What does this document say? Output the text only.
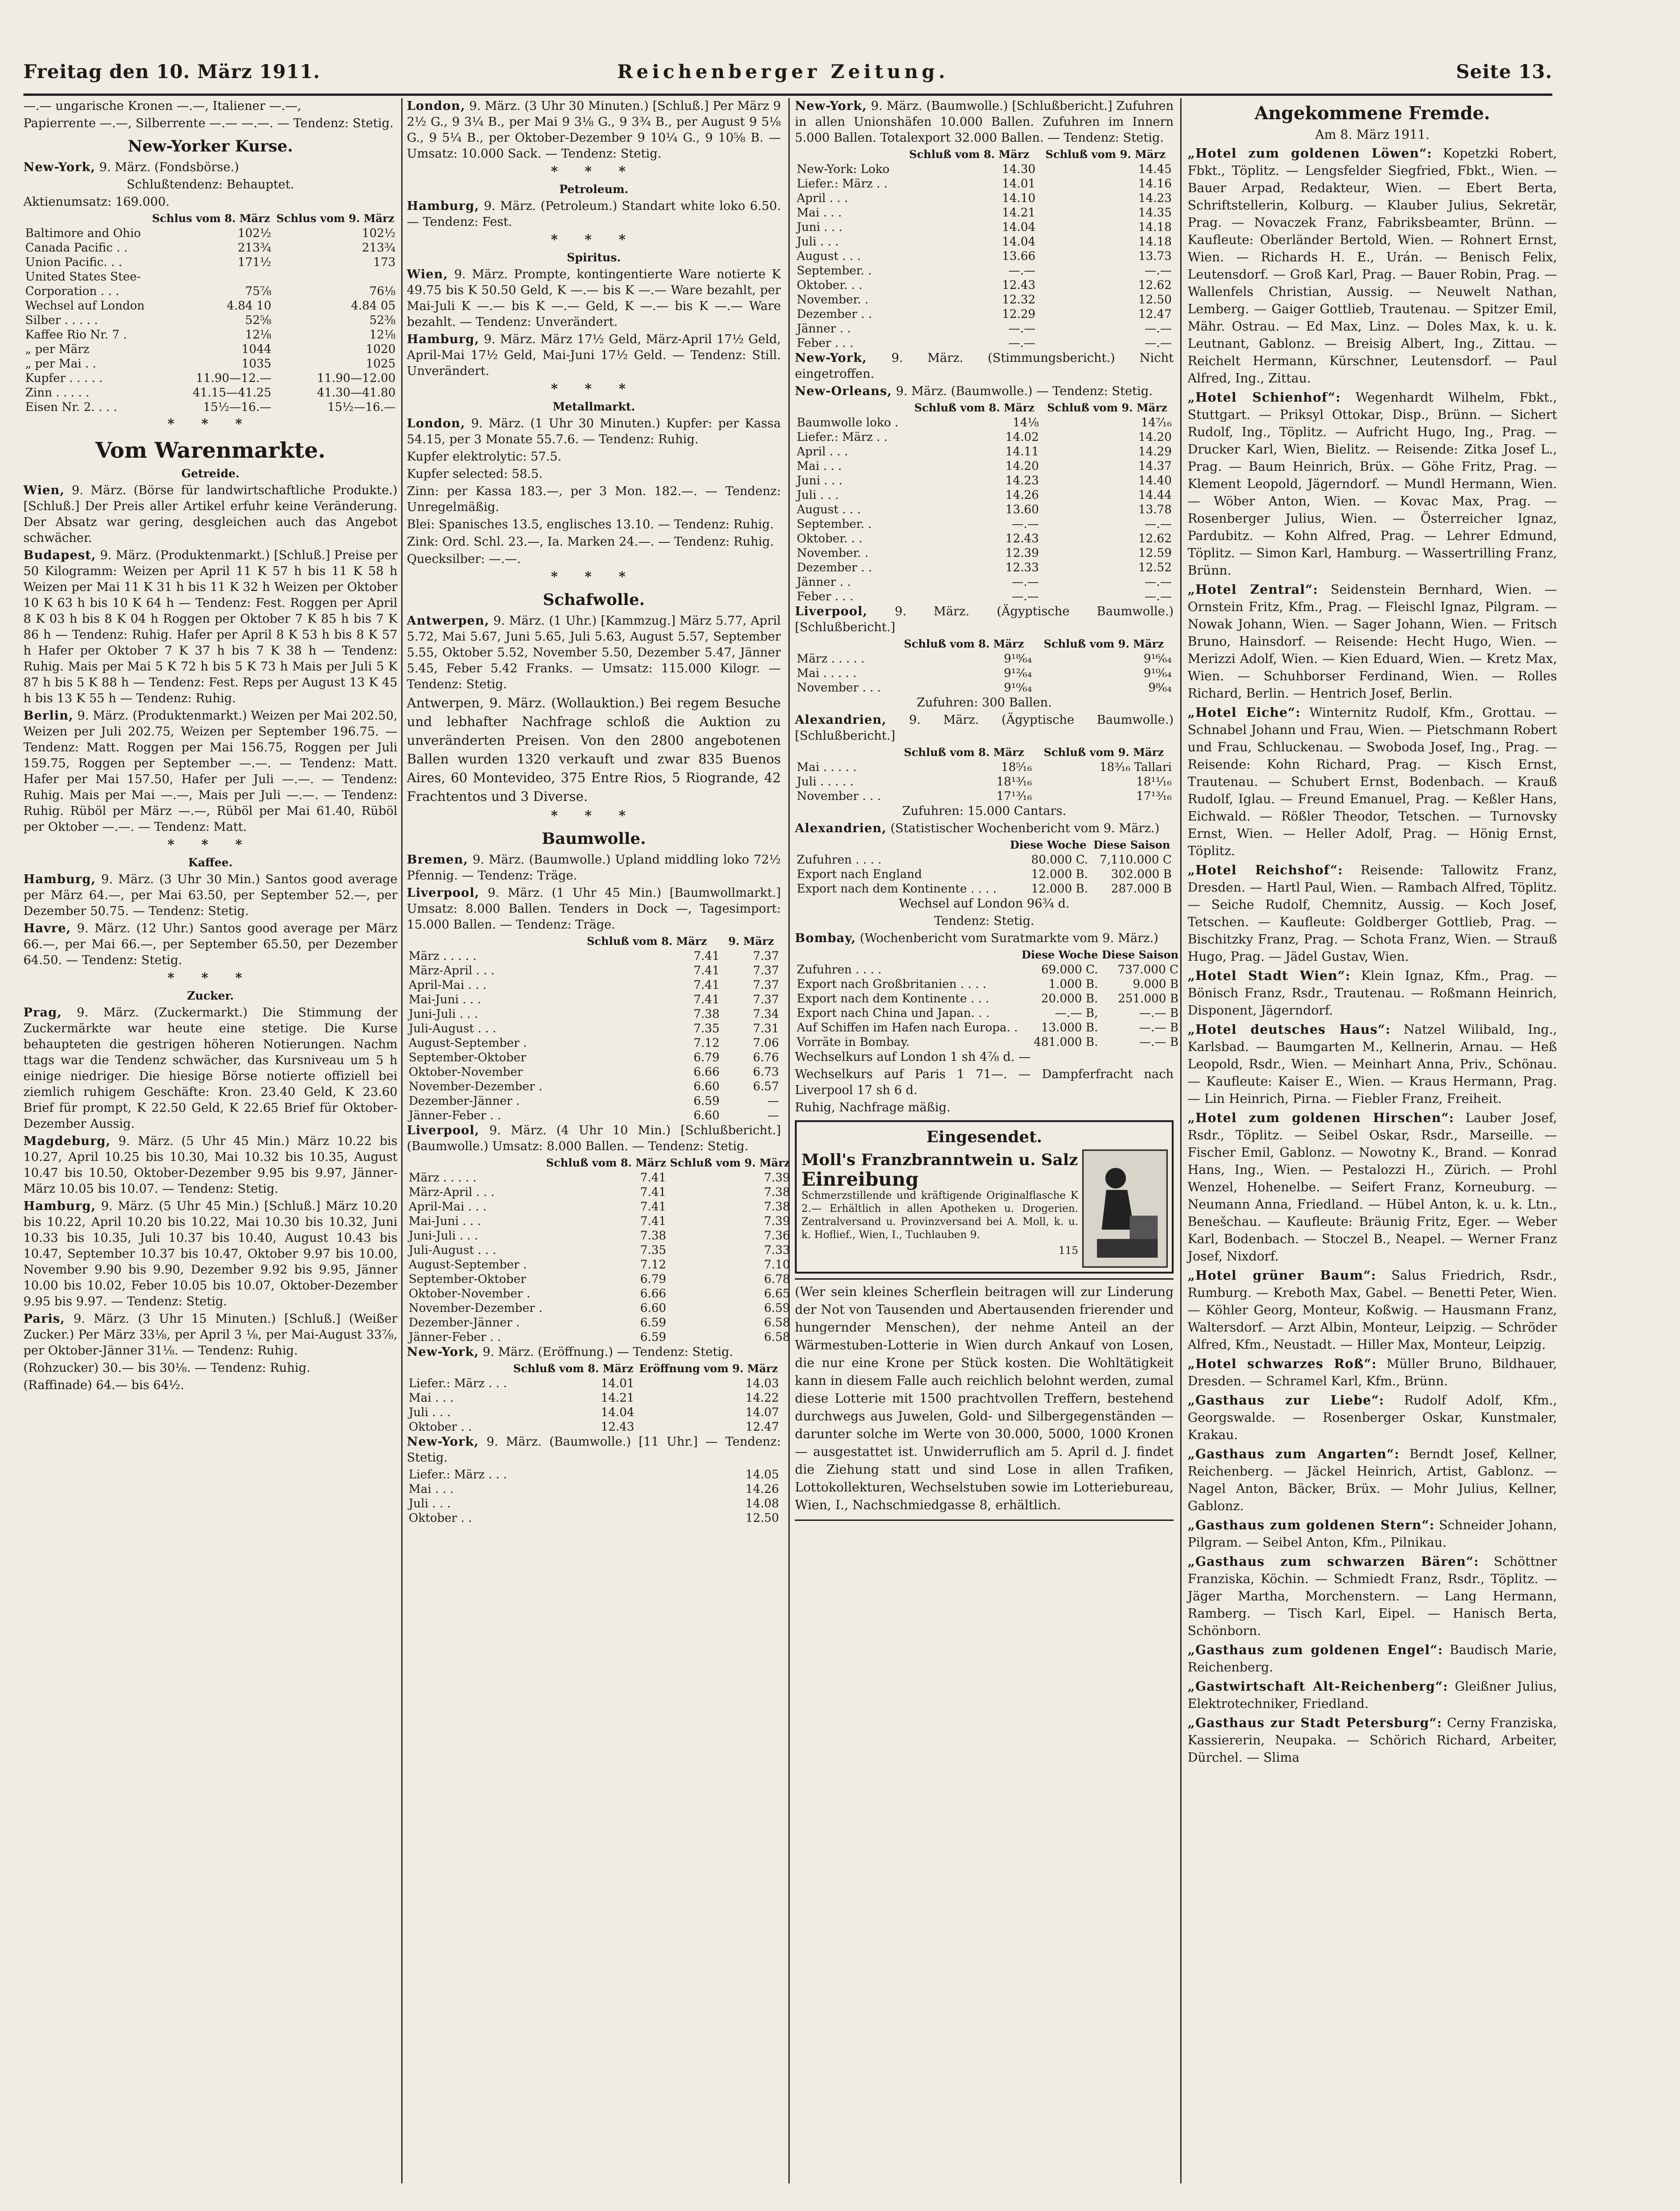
Freitag den 10. März 1911.	Reichenberger Zeitung.	Seite 13.

—.— ungarische Kronen —.—, Italiener —.—,

Papierrente —.—, Silberrente —.— —.—. — Tendenz: Stetig.

New-Yorker Kurse.

New-York, 9. März. (Fondsbörse.)

Schlußtendenz: Behauptet.

Aktienumsatz: 169.000.

	Schlus vom 8. März	Schlus vom 9. März
Baltimore and Ohio	102½	102½
Canada Pacific . .	213¾	213¾
Union Pacific. . .	171½	173
United States Stee-		
Corporation . . .	75⅞	76⅛
Wechsel auf London	4.84 10	4.84 05
Silber . . . . .	52⅝	52⅜
Kaffee Rio Nr. 7 .	12⅛	12⅛
„ per März	1044	1020
„ per Mai . .	1035	1025
Kupfer . . . . .	11.90—12.—	11.90—12.00
Zinn . . . . .	41.15—41.25	41.30—41.80
Eisen Nr. 2. . . .	15½—16.—	15½—16.—
* * *
Vom Warenmarkte.
Getreide.

Wien, 9. März. (Börse für landwirtschaftliche Produkte.) [Schluß.] Der Preis aller Artikel erfuhr keine Veränderung. Der Absatz war gering, desgleichen auch das Angebot schwächer.

Budapest, 9. März. (Produktenmarkt.) [Schluß.] Preise per 50 Kilogramm: Weizen per April 11 K 57 h bis 11 K 58 h Weizen per Mai 11 K 31 h bis 11 K 32 h Weizen per Oktober 10 K 63 h bis 10 K 64 h — Tendenz: Fest. Roggen per April 8 K 03 h bis 8 K 04 h Roggen per Oktober 7 K 85 h bis 7 K 86 h — Tendenz: Ruhig. Hafer per April 8 K 53 h bis 8 K 57 h Hafer per Oktober 7 K 37 h bis 7 K 38 h — Tendenz: Ruhig. Mais per Mai 5 K 72 h bis 5 K 73 h Mais per Juli 5 K 87 h bis 5 K 88 h — Tendenz: Fest. Reps per August 13 K 45 h bis 13 K 55 h — Tendenz: Ruhig.

Berlin, 9. März. (Produktenmarkt.) Weizen per Mai 202.50, Weizen per Juli 202.75, Weizen per September 196.75. — Tendenz: Matt. Roggen per Mai 156.75, Roggen per Juli 159.75, Roggen per September —.—. — Tendenz: Matt. Hafer per Mai 157.50, Hafer per Juli —.—. — Tendenz: Ruhig. Mais per Mai —.—, Mais per Juli —.—. — Tendenz: Ruhig. Rüböl per März —.—, Rüböl per Mai 61.40, Rüböl per Oktober —.—. — Tendenz: Matt.

* * *
Kaffee.

Hamburg, 9. März. (3 Uhr 30 Min.) Santos good average per März 64.—, per Mai 63.50, per September 52.—, per Dezember 50.75. — Tendenz: Stetig.

Havre, 9. März. (12 Uhr.) Santos good average per März 66.—, per Mai 66.—, per September 65.50, per Dezember 64.50. — Tendenz: Stetig.

* * *
Zucker.

Prag, 9. März. (Zuckermarkt.) Die Stimmung der Zuckermärkte war heute eine stetige. Die Kurse behaupteten die gestrigen höheren Notierungen. Nachm ttags war die Tendenz schwächer, das Kursniveau um 5 h einige niedriger. Die hiesige Börse notierte offiziell bei ziemlich ruhigem Geschäfte: Kron. 23.40 Geld, K 23.60 Brief für prompt, K 22.50 Geld, K 22.65 Brief für Oktober-Dezember Aussig.

Magdeburg, 9. März. (5 Uhr 45 Min.) März 10.22 bis 10.27, April 10.25 bis 10.30, Mai 10.32 bis 10.35, August 10.47 bis 10.50, Oktober-Dezember 9.95 bis 9.97, Jänner-März 10.05 bis 10.07. — Tendenz: Stetig.

Hamburg, 9. März. (5 Uhr 45 Min.) [Schluß.] März 10.20 bis 10.22, April 10.20 bis 10.22, Mai 10.30 bis 10.32, Juni 10.33 bis 10.35, Juli 10.37 bis 10.40, August 10.43 bis 10.47, September 10.37 bis 10.47, Oktober 9.97 bis 10.00, November 9.90 bis 9.90, Dezember 9.92 bis 9.95, Jänner 10.00 bis 10.02, Feber 10.05 bis 10.07, Oktober-Dezember 9.95 bis 9.97. — Tendenz: Stetig.

Paris, 9. März. (3 Uhr 15 Minuten.) [Schluß.] (Weißer Zucker.) Per März 33⅛, per April 3 ⅛, per Mai-August 33⅞, per Oktober-Jänner 31⅛. — Tendenz: Ruhig.

(Rohzucker) 30.— bis 30⅛. — Tendenz: Ruhig.

(Raffinade) 64.— bis 64½.

London, 9. März. (3 Uhr 30 Minuten.) [Schluß.] Per März 9 2½ G., 9 3¼ B., per Mai 9 3⅛ G., 9 3¾ B., per August 9 5⅛ G., 9 5¼ B., per Oktober-Dezember 9 10¼ G., 9 10⅝ B. — Umsatz: 10.000 Sack. — Tendenz: Stetig.

* * *
Petroleum.

Hamburg, 9. März. (Petroleum.) Standart white loko 6.50. — Tendenz: Fest.

* * *
Spiritus.

Wien, 9. März. Prompte, kontingentierte Ware notierte K 49.75 bis K 50.50 Geld, K —.— bis K —.— Ware bezahlt, per Mai-Juli K —.— bis K —.— Geld, K —.— bis K —.— Ware bezahlt. — Tendenz: Unverändert.

Hamburg, 9. März. März 17½ Geld, März-April 17½ Geld, April-Mai 17½ Geld, Mai-Juni 17½ Geld. — Tendenz: Still. Unverändert.

* * *
Metallmarkt.

London, 9. März. (1 Uhr 30 Minuten.) Kupfer: per Kassa 54.15, per 3 Monate 55.7.6. — Tendenz: Ruhig.

Kupfer elektrolytic: 57.5.

Kupfer selected: 58.5.

Zinn: per Kassa 183.—, per 3 Mon. 182.—. — Tendenz: Unregelmäßig.

Blei: Spanisches 13.5, englisches 13.10. — Tendenz: Ruhig.

Zink: Ord. Schl. 23.—, Ia. Marken 24.—. — Tendenz: Ruhig.

Quecksilber: —.—.

* * *
Schafwolle.

Antwerpen, 9. März. (1 Uhr.) [Kammzug.] März 5.77, April 5.72, Mai 5.67, Juni 5.65, Juli 5.63, August 5.57, September 5.55, Oktober 5.52, November 5.50, Dezember 5.47, Jänner 5.45, Feber 5.42 Franks. — Umsatz: 115.000 Kilogr. — Tendenz: Stetig.

Antwerpen, 9. März. (Wollauktion.) Bei regem Besuche und lebhafter Nachfrage schloß die Auktion zu unveränderten Preisen. Von den 2800 angebotenen Ballen wurden 1320 verkauft und zwar 835 Buenos Aires, 60 Montevideo, 375 Entre Rios, 5 Riogrande, 42 Frachtentos und 3 Diverse.

* * *
Baumwolle.

Bremen, 9. März. (Baumwolle.) Upland middling loko 72½ Pfennig. — Tendenz: Träge.

Liverpool, 9. März. (1 Uhr 45 Min.) [Baumwollmarkt.] Umsatz: 8.000 Ballen. Tenders in Dock —, Tagesimport: 15.000 Ballen. — Tendenz: Träge.

	Schluß vom 8. März	9. März
März . . . . .	7.41	7.37
März-April . . .	7.41	7.37
April-Mai . . .	7.41	7.37
Mai-Juni . . .	7.41	7.37
Juni-Juli . . .	7.38	7.34
Juli-August . . .	7.35	7.31
August-September .	7.12	7.06
September-Oktober	6.79	6.76
Oktober-November	6.66	6.73
November-Dezember .	6.60	6.57
Dezember-Jänner .	6.59	—
Jänner-Feber . .	6.60	—

Liverpool, 9. März. (4 Uhr 10 Min.) [Schlußbericht.] (Baumwolle.) Umsatz: 8.000 Ballen. — Tendenz: Stetig.

	Schluß vom 8. März	Schluß vom 9. März
März . . . . .	7.41	7.39
März-April . . .	7.41	7.38
April-Mai . . .	7.41	7.38
Mai-Juni . . .	7.41	7.39
Juni-Juli . . .	7.38	7.36
Juli-August . . .	7.35	7.33
August-September .	7.12	7.10
September-Oktober	6.79	6.78
Oktober-November .	6.66	6.65
November-Dezember .	6.60	6.59
Dezember-Jänner .	6.59	6.58
Jänner-Feber . .	6.59	6.58

New-York, 9. März. (Eröffnung.) — Tendenz: Stetig.

	Schluß vom 8. März	Eröffnung vom 9. März
Liefer.: März . . .	14.01	14.03
Mai . . .	14.21	14.22
Juli . . .	14.04	14.07
Oktober . .	12.43	12.47

New-York, 9. März. (Baumwolle.) [11 Uhr.] — Tendenz: Stetig.

Liefer.: März . . .	14.05
Mai . . .	14.26
Juli . . .	14.08
Oktober . .	12.50

New-York, 9. März. (Baumwolle.) [Schlußbericht.] Zufuhren in allen Unionshäfen 10.000 Ballen. Zufuhren im Innern 5.000 Ballen. Totalexport 32.000 Ballen. — Tendenz: Stetig.

	Schluß vom 8. März	Schluß vom 9. März
New-York: Loko	14.30	14.45
Liefer.: März . .	14.01	14.16
April . . .	14.10	14.23
Mai . . .	14.21	14.35
Juni . . .	14.04	14.18
Juli . . .	14.04	14.18
August . . .	13.66	13.73
September. .	—.—	—.—
Oktober. . .	12.43	12.62
November. .	12.32	12.50
Dezember . .	12.29	12.47
Jänner . .	—.—	—.—
Feber . . .	—.—	—.—

New-York, 9. März. (Stimmungsbericht.) Nicht eingetroffen.

New-Orleans, 9. März. (Baumwolle.) — Tendenz: Stetig.

	Schluß vom 8. März	Schluß vom 9. März
Baumwolle loko .	14⅛	14⁷⁄₁₆
Liefer.: März . .	14.02	14.20
April . . .	14.11	14.29
Mai . . .	14.20	14.37
Juni . . .	14.23	14.40
Juli . . .	14.26	14.44
August . . .	13.60	13.78
September. .	—.—	—.—
Oktober. . .	12.43	12.62
November. .	12.39	12.59
Dezember . .	12.33	12.52
Jänner . .	—.—	—.—
Feber . . .	—.—	—.—

Liverpool, 9. März. (Ägyptische Baumwolle.) [Schlußbericht.]

	Schluß vom 8. März	Schluß vom 9. März
März . . . . .	9¹⁸⁄₆₄	9¹⁶⁄₆₄
Mai . . . . .	9¹²⁄₆₄	9¹⁰⁄₆₄
November . . .	9¹⁰⁄₆₄	9⁸⁄₆₄

Zufuhren: 300 Ballen.

Alexandrien, 9. März. (Ägyptische Baumwolle.) [Schlußbericht.]

	Schluß vom 8. März	Schluß vom 9. März
Mai . . . . .	18⁵⁄₁₆	18³⁄₁₆ Tallari
Juli . . . . .	18¹³⁄₁₆	18¹¹⁄₁₆
November . . .	17¹³⁄₁₆	17¹³⁄₁₆

Zufuhren: 15.000 Cantars.

Alexandrien, (Statistischer Wochenbericht vom 9. März.)

	Diese Woche	Diese Saison
Zufuhren . . . .	80.000 C.	7,110.000 C
Export nach England	12.000 B.	302.000 B
Export nach dem Kontinente . . . .	12.000 B.	287.000 B

Wechsel auf London 96¾ d.

Tendenz: Stetig.

Bombay, (Wochenbericht vom Suratmarkte vom 9. März.)

	Diese Woche	Diese Saison
Zufuhren . . . .	69.000 C.	737.000 C
Export nach Großbritanien . . . .	1.000 B.	9.000 B
Export nach dem Kontinente . . .	20.000 B.	251.000 B
Export nach China und Japan. . .	—.— B,	—.— B
Auf Schiffen im Hafen nach Europa. .	13.000 B.	—.— B
Vorräte in Bombay.	481.000 B.	—.— B

Wechselkurs auf London 1 sh 4⅞ d. —

Wechselkurs auf Paris 1 71—. — Dampferfracht nach Liverpool 17 sh 6 d.

Ruhig, Nachfrage mäßig.

Eingesendet.
Moll's Franzbranntwein u. Salz
Einreibung

Schmerzstillende und kräftigende Originalflasche K 2.— Erhältlich in allen Apotheken u. Drogerien. Zentralversand u. Provinzversand bei A. Moll, k. u. k. Hoflief., Wien, I., Tuchlauben 9.

115

(Wer sein kleines Scherflein beitragen will zur Linderung der Not von Tausenden und Abertausenden frierender und hungernder Menschen), der nehme Anteil an der Wärmestuben-Lotterie in Wien durch Ankauf von Losen, die nur eine Krone per Stück kosten. Die Wohltätigkeit kann in diesem Falle auch reichlich belohnt werden, zumal diese Lotterie mit 1500 prachtvollen Treffern, bestehend durchwegs aus Juwelen, Gold- und Silbergegenständen — darunter solche im Werte von 30.000, 5000, 1000 Kronen — ausgestattet ist. Unwiderruflich am 5. April d. J. findet die Ziehung statt und sind Lose in allen Trafiken, Lottokollekturen, Wechselstuben sowie im Lotteriebureau, Wien, I., Nachschmiedgasse 8, erhältlich.

Angekommene Fremde.

Am 8. März 1911.

„Hotel zum goldenen Löwen“: Kopetzki Robert, Fbkt., Töplitz. — Lengsfelder Siegfried, Fbkt., Wien. — Bauer Arpad, Redakteur, Wien. — Ebert Berta, Schriftstellerin, Kolburg. — Klauber Julius, Sekretär, Prag. — Novaczek Franz, Fabriksbeamter, Brünn. — Kaufleute: Oberländer Bertold, Wien. — Rohnert Ernst, Wien. — Richards H. E., Urán. — Benisch Felix, Leutensdorf. — Groß Karl, Prag. — Bauer Robin, Prag. — Wallenfels Christian, Aussig. — Neuwelt Nathan, Lemberg. — Gaiger Gottlieb, Trautenau. — Spitzer Emil, Mähr. Ostrau. — Ed Max, Linz. — Doles Max, k. u. k. Leutnant, Gablonz. — Breisig Albert, Ing., Zittau. — Reichelt Hermann, Kürschner, Leutensdorf. — Paul Alfred, Ing., Zittau.

„Hotel Schienhof“: Wegenhardt Wilhelm, Fbkt., Stuttgart. — Priksyl Ottokar, Disp., Brünn. — Sichert Rudolf, Ing., Töplitz. — Aufricht Hugo, Ing., Prag. — Drucker Karl, Wien, Bielitz. — Reisende: Zitka Josef L., Prag. — Baum Heinrich, Brüx. — Göhe Fritz, Prag. — Klement Leopold, Jägerndorf. — Mundl Hermann, Wien. — Wöber Anton, Wien. — Kovac Max, Prag. — Rosenberger Julius, Wien. — Österreicher Ignaz, Pardubitz. — Kohn Alfred, Prag. — Lehrer Edmund, Töplitz. — Simon Karl, Hamburg. — Wassertrilling Franz, Brünn.

„Hotel Zentral“: Seidenstein Bernhard, Wien. — Ornstein Fritz, Kfm., Prag. — Fleischl Ignaz, Pilgram. — Nowak Johann, Wien. — Sager Johann, Wien. — Fritsch Bruno, Hainsdorf. — Reisende: Hecht Hugo, Wien. — Merizzi Adolf, Wien. — Kien Eduard, Wien. — Kretz Max, Wien. — Schuhborser Ferdinand, Wien. — Rolles Richard, Berlin. — Hentrich Josef, Berlin.

„Hotel Eiche“: Winternitz Rudolf, Kfm., Grottau. — Schnabel Johann und Frau, Wien. — Pietschmann Robert und Frau, Schluckenau. — Swoboda Josef, Ing., Prag. — Reisende: Kohn Richard, Prag. — Kisch Ernst, Trautenau. — Schubert Ernst, Bodenbach. — Krauß Rudolf, Iglau. — Freund Emanuel, Prag. — Keßler Hans, Eichwald. — Rößler Theodor, Tetschen. — Turnovsky Ernst, Wien. — Heller Adolf, Prag. — Hönig Ernst, Töplitz.

„Hotel Reichshof“: Reisende: Tallowitz Franz, Dresden. — Hartl Paul, Wien. — Rambach Alfred, Töplitz. — Seiche Rudolf, Chemnitz, Aussig. — Koch Josef, Tetschen. — Kaufleute: Goldberger Gottlieb, Prag. — Bischitzky Franz, Prag. — Schota Franz, Wien. — Strauß Hugo, Prag. — Jädel Gustav, Wien.

„Hotel Stadt Wien“: Klein Ignaz, Kfm., Prag. — Bönisch Franz, Rsdr., Trautenau. — Roßmann Heinrich, Disponent, Jägerndorf.

„Hotel deutsches Haus“: Natzel Wilibald, Ing., Karlsbad. — Baumgarten M., Kellnerin, Arnau. — Heß Leopold, Rsdr., Wien. — Meinhart Anna, Priv., Schönau. — Kaufleute: Kaiser E., Wien. — Kraus Hermann, Prag. — Lin Heinrich, Pirna. — Fiebler Franz, Freiheit.

„Hotel zum goldenen Hirschen“: Lauber Josef, Rsdr., Töplitz. — Seibel Oskar, Rsdr., Marseille. — Fischer Emil, Gablonz. — Nowotny K., Brand. — Konrad Hans, Ing., Wien. — Pestalozzi H., Zürich. — Prohl Wenzel, Hohenelbe. — Seifert Franz, Korneuburg. — Neumann Anna, Friedland. — Hübel Anton, k. u. k. Ltn., Benešchau. — Kaufleute: Bräunig Fritz, Eger. — Weber Karl, Bodenbach. — Stoczel B., Neapel. — Werner Franz Josef, Nixdorf.

„Hotel grüner Baum“: Salus Friedrich, Rsdr., Rumburg. — Kreboth Max, Gabel. — Benetti Peter, Wien. — Köhler Georg, Monteur, Koßwig. — Hausmann Franz, Waltersdorf. — Arzt Albin, Monteur, Leipzig. — Schröder Alfred, Kfm., Neustadt. — Hiller Max, Monteur, Leipzig.

„Hotel schwarzes Roß“: Müller Bruno, Bildhauer, Dresden. — Schramel Karl, Kfm., Brünn.

„Gasthaus zur Liebe“: Rudolf Adolf, Kfm., Georgswalde. — Rosenberger Oskar, Kunstmaler, Krakau.

„Gasthaus zum Angarten“: Berndt Josef, Kellner, Reichenberg. — Jäckel Heinrich, Artist, Gablonz. — Nagel Anton, Bäcker, Brüx. — Mohr Julius, Kellner, Gablonz.

„Gasthaus zum goldenen Stern“: Schneider Johann, Pilgram. — Seibel Anton, Kfm., Pilnikau.

„Gasthaus zum schwarzen Bären“: Schöttner Franziska, Köchin. — Schmiedt Franz, Rsdr., Töplitz. — Jäger Martha, Morchenstern. — Lang Hermann, Ramberg. — Tisch Karl, Eipel. — Hanisch Berta, Schönborn.

„Gasthaus zum goldenen Engel“: Baudisch Marie, Reichenberg.

„Gastwirtschaft Alt-Reichenberg“: Gleißner Julius, Elektrotechniker, Friedland.

„Gasthaus zur Stadt Petersburg“: Cerny Franziska, Kassiererin, Neupaka. — Schörich Richard, Arbeiter, Dürchel. — Slima
